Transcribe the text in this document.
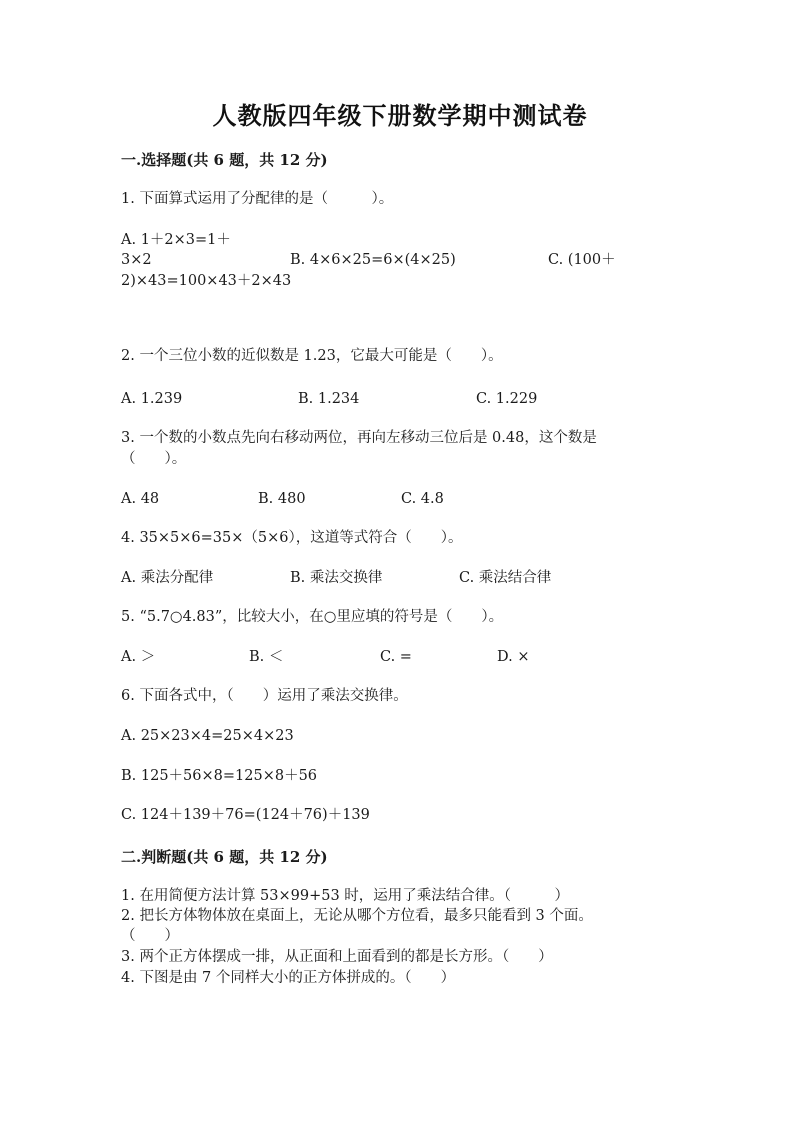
人教版四年级下册数学期中测试卷
一.选择题(共 6 题，共 12 分)
1. 下面算式运用了分配律的是（　　　）。
A. 1＋2×3=1＋
3×2	B. 4×6×25=6×(4×25)	C. (100＋
2)×43=100×43＋2×43
2. 一个三位小数的近似数是 1.23，它最大可能是（　　）。
A. 1.239	B. 1.234	C. 1.229
3. 一个数的小数点先向右移动两位，再向左移动三位后是 0.48，这个数是
（　　）。
A. 48	B. 480	C. 4.8
4. 35×5×6=35×（5×6），这道等式符合（　　）。
A. 乘法分配律	B. 乘法交换律	C. 乘法结合律
5. “5.7○4.83”，比较大小，在○里应填的符号是（　　）。
A. ＞	B. ＜	C. =	D. ×
6. 下面各式中，（　　）运用了乘法交换律。
A. 25×23×4=25×4×23
B. 125＋56×8=125×8＋56
C. 124＋139＋76=(124＋76)＋139
二.判断题(共 6 题，共 12 分)
1. 在用简便方法计算 53×99+53 时，运用了乘法结合律。（　　　）
2. 把长方体物体放在桌面上，无论从哪个方位看，最多只能看到 3 个面。
（　　）
3. 两个正方体摆成一排，从正面和上面看到的都是长方形。（　　）
4. 下图是由 7 个同样大小的正方体拼成的。（　　）
